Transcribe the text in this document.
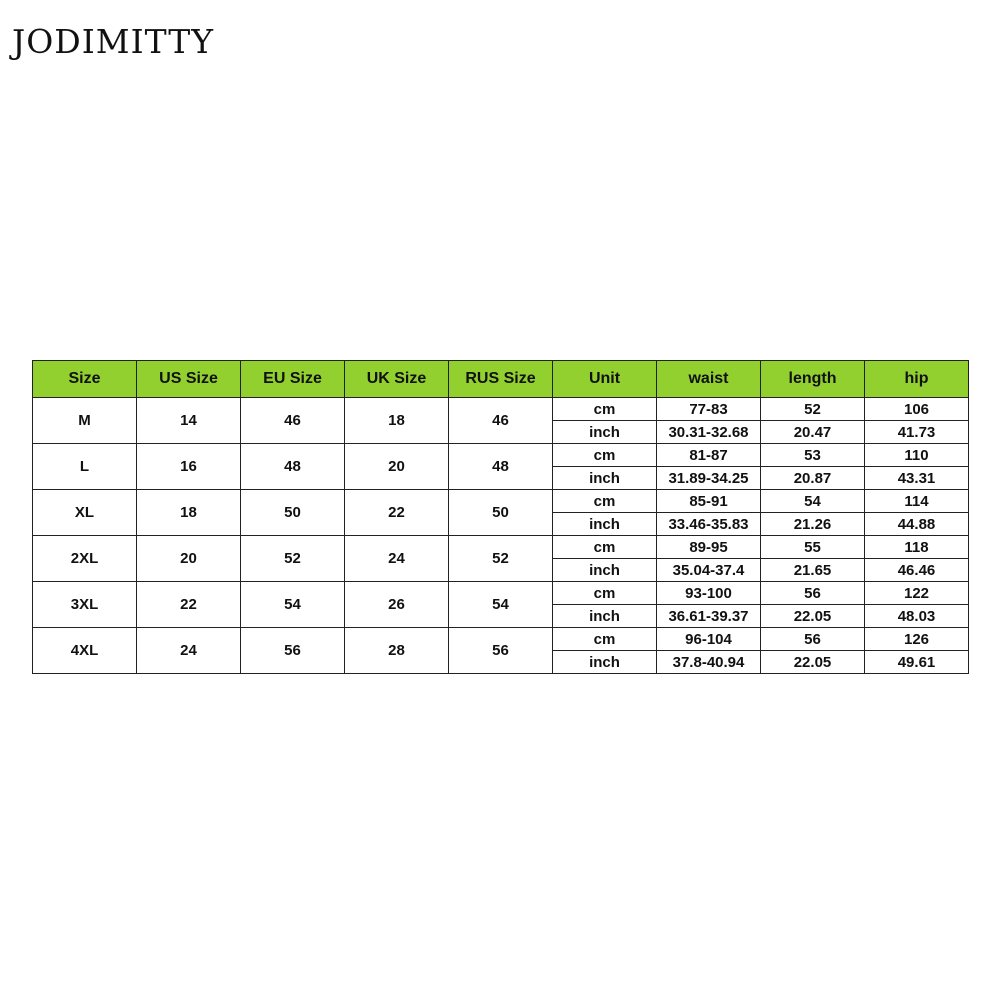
JODIMITTY
Size	US Size	EU Size	UK Size	RUS Size	Unit	waist	length	hip
M	14	46	18	46	cm	77-83	52	106
					inch	30.31-32.68	20.47	41.73
L	16	48	20	48	cm	81-87	53	110
					inch	31.89-34.25	20.87	43.31
XL	18	50	22	50	cm	85-91	54	114
					inch	33.46-35.83	21.26	44.88
2XL	20	52	24	52	cm	89-95	55	118
					inch	35.04-37.4	21.65	46.46
3XL	22	54	26	54	cm	93-100	56	122
					inch	36.61-39.37	22.05	48.03
4XL	24	56	28	56	cm	96-104	56	126
					inch	37.8-40.94	22.05	49.61
